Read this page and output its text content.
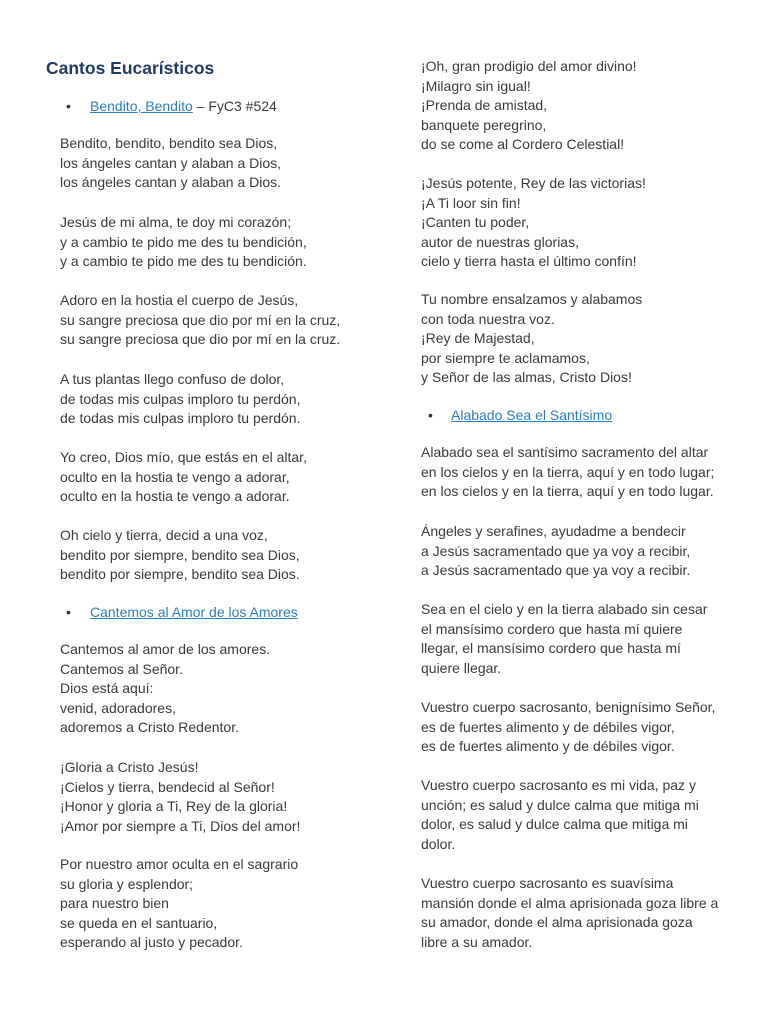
Cantos Eucarísticos
• Bendito, Bendito – FyC3 #524

Bendito, bendito, bendito sea Dios,
los ángeles cantan y alaban a Dios,
los ángeles cantan y alaban a Dios.

Jesús de mi alma, te doy mi corazón;
y a cambio te pido me des tu bendición,
y a cambio te pido me des tu bendición.

Adoro en la hostia el cuerpo de Jesús,
su sangre preciosa que dio por mí en la cruz,
su sangre preciosa que dio por mí en la cruz.

A tus plantas llego confuso de dolor,
de todas mis culpas imploro tu perdón,
de todas mis culpas imploro tu perdón.

Yo creo, Dios mío, que estás en el altar,
oculto en la hostia te vengo a adorar,
oculto en la hostia te vengo a adorar.

Oh cielo y tierra, decid a una voz,
bendito por siempre, bendito sea Dios,
bendito por siempre, bendito sea Dios.

• Cantemos al Amor de los Amores

Cantemos al amor de los amores.
Cantemos al Señor.
Dios está aquí:
venid, adoradores,
adoremos a Cristo Redentor.

¡Gloria a Cristo Jesús!
¡Cielos y tierra, bendecid al Señor!
¡Honor y gloria a Ti, Rey de la gloria!
¡Amor por siempre a Ti, Dios del amor!

Por nuestro amor oculta en el sagrario
su gloria y esplendor;
para nuestro bien
se queda en el santuario,
esperando al justo y pecador.

¡Oh, gran prodigio del amor divino!
¡Milagro sin igual!
¡Prenda de amistad,
banquete peregrino,
do se come al Cordero Celestial!

¡Jesús potente, Rey de las victorias!
¡A Ti loor sin fin!
¡Canten tu poder,
autor de nuestras glorias,
cielo y tierra hasta el último confín!

Tu nombre ensalzamos y alabamos
con toda nuestra voz.
¡Rey de Majestad,
por siempre te aclamamos,
y Señor de las almas, Cristo Dios!

• Alabado Sea el Santísimo

Alabado sea el santísimo sacramento del altar
en los cielos y en la tierra, aquí y en todo lugar;
en los cielos y en la tierra, aquí y en todo lugar.

Ángeles y serafines, ayudadme a bendecir
a Jesús sacramentado que ya voy a recibir,
a Jesús sacramentado que ya voy a recibir.

Sea en el cielo y en la tierra alabado sin cesar
el mansísimo cordero que hasta mí quiere
llegar, el mansísimo cordero que hasta mí
quiere llegar.

Vuestro cuerpo sacrosanto, benignísimo Señor,
es de fuertes alimento y de débiles vigor,
es de fuertes alimento y de débiles vigor.

Vuestro cuerpo sacrosanto es mi vida, paz y
unción; es salud y dulce calma que mitiga mi
dolor, es salud y dulce calma que mitiga mi
dolor.

Vuestro cuerpo sacrosanto es suavísima
mansión donde el alma aprisionada goza libre a
su amador, donde el alma aprisionada goza
libre a su amador.
